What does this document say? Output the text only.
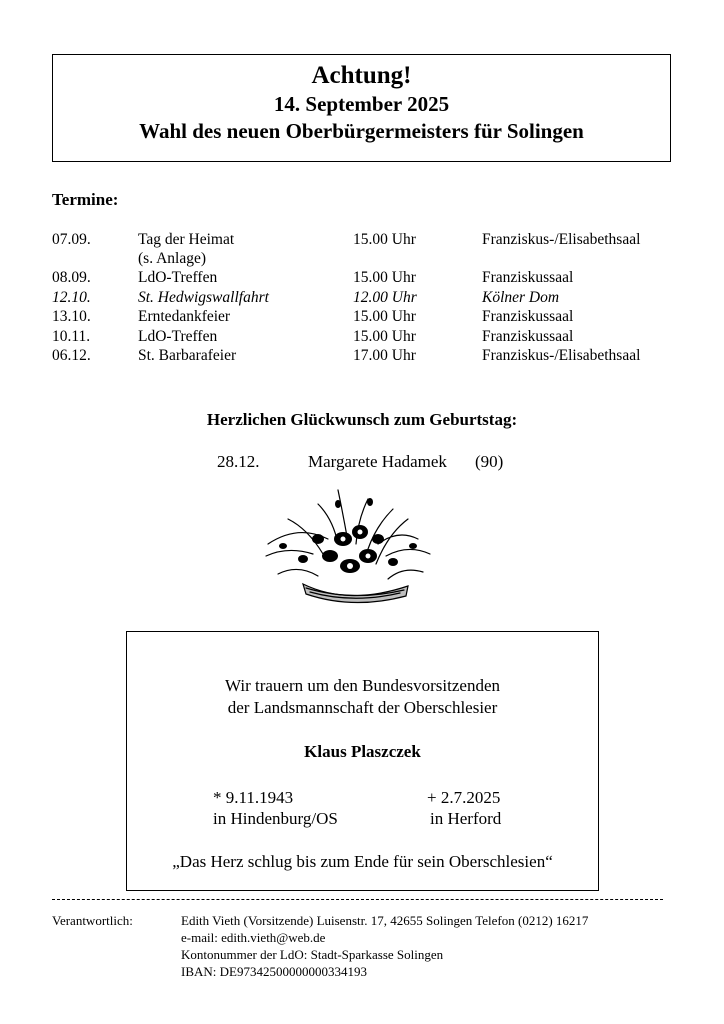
Achtung!
14. September 2025
Wahl des neuen Oberbürgermeisters für Solingen
Termine:
07.09.	Tag der Heimat	15.00 Uhr	Franziskus-/Elisabethsaal
(s. Anlage)
08.09.	LdO-Treffen	15.00 Uhr	Franziskussaal
12.10.	St. Hedwigswallfahrt	12.00 Uhr	Kölner Dom
13.10.	Erntedankfeier	15.00 Uhr	Franziskussaal
10.11.	LdO-Treffen	15.00 Uhr	Franziskussaal
06.12.	St. Barbarafeier	17.00 Uhr	Franziskus-/Elisabethsaal
Herzlichen Glückwunsch zum Geburtstag:
28.12.	Margarete Hadamek (90)
Wir trauern um den Bundesvorsitzenden
der Landsmannschaft der Oberschlesier
Klaus Plaszczek
* 9.11.1943	+ 2.7.2025
in Hindenburg/OS	in Herford
„Das Herz schlug bis zum Ende für sein Oberschlesien“
Verantwortlich:	Edith Vieth (Vorsitzende) Luisenstr. 17, 42655 Solingen Telefon (0212) 16217
e-mail: edith.vieth@web.de
Kontonummer der LdO: Stadt-Sparkasse Solingen
IBAN: DE97342500000000334193
